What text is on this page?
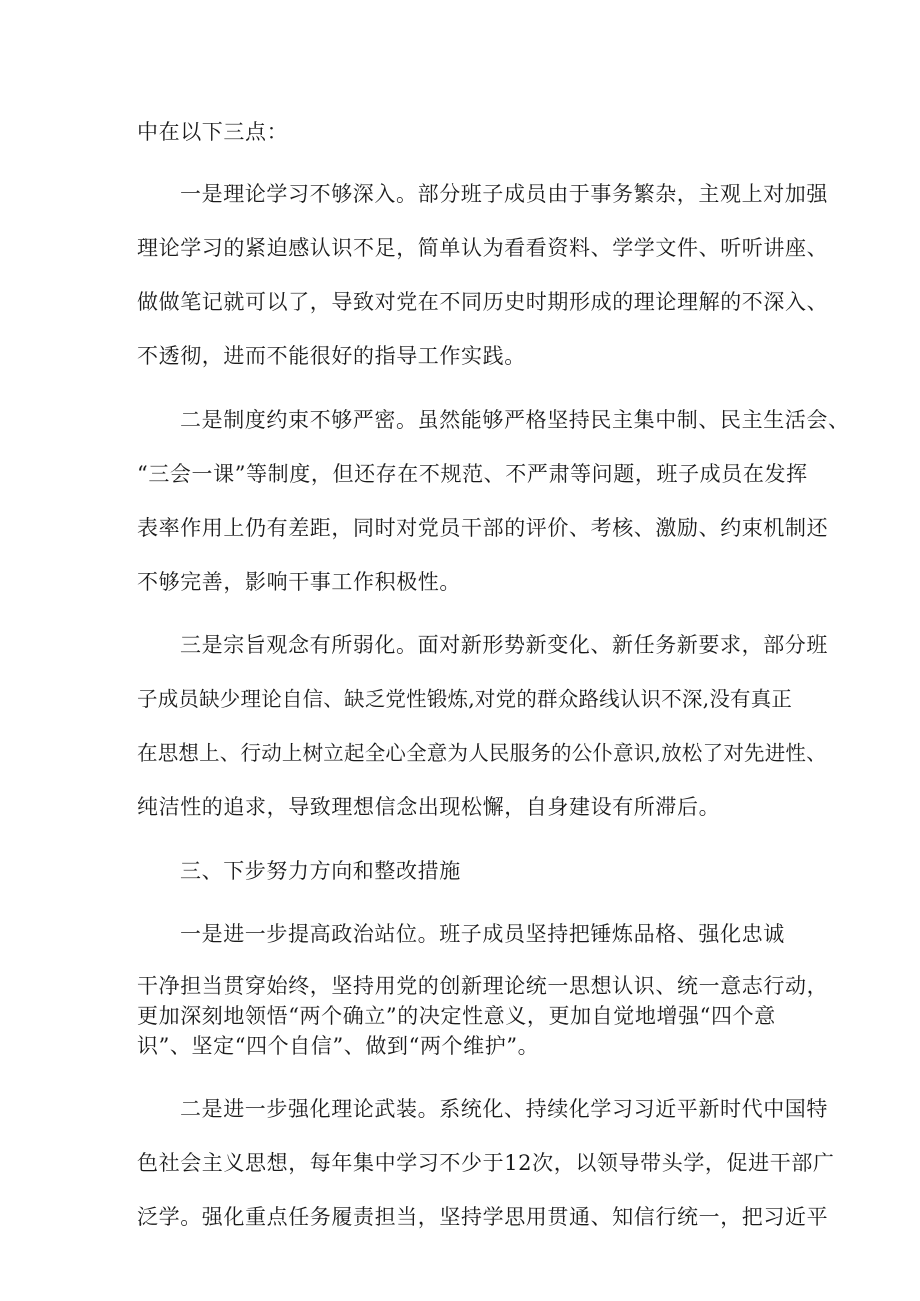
中在以下三点：

一是理论学习不够深入。部分班子成员由于事务繁杂，主观上对加强

理论学习的紧迫感认识不足，简单认为看看资料、学学文件、听听讲座、

做做笔记就可以了，导致对党在不同历史时期形成的理论理解的不深入、

不透彻，进而不能很好的指导工作实践。

二是制度约束不够严密。虽然能够严格坚持民主集中制、民主生活会、

“三会一课”等制度，但还存在不规范、不严肃等问题，班子成员在发挥

表率作用上仍有差距，同时对党员干部的评价、考核、激励、约束机制还

不够完善，影响干事工作积极性。

三是宗旨观念有所弱化。面对新形势新变化、新任务新要求，部分班

子成员缺少理论自信、缺乏党性锻炼,对党的群众路线认识不深,没有真正

在思想上、行动上树立起全心全意为人民服务的公仆意识,放松了对先进性、

纯洁性的追求，导致理想信念出现松懈，自身建设有所滞后。

三、下步努力方向和整改措施

一是进一步提高政治站位。班子成员坚持把锤炼品格、强化忠诚

干净担当贯穿始终，坚持用党的创新理论统一思想认识、统一意志行动，

更加深刻地领悟“两个确立”的决定性意义，更加自觉地增强“四个意

识”、坚定“四个自信”、做到“两个维护”。

二是进一步强化理论武装。系统化、持续化学习习近平新时代中国特

色社会主义思想，每年集中学习不少于12次，以领导带头学，促进干部广

泛学。强化重点任务履责担当，坚持学思用贯通、知信行统一，把习近平
